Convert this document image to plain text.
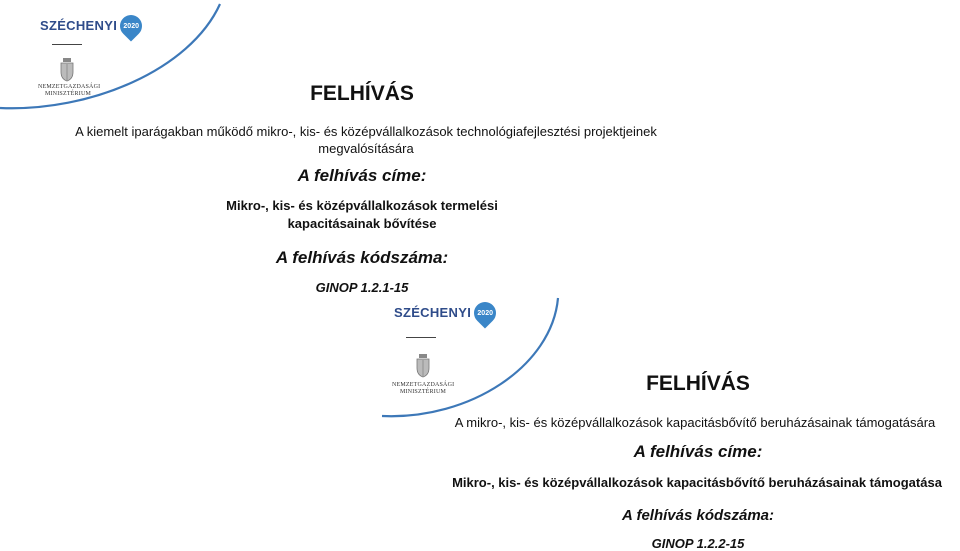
SZÉCHENYI 2020
NEMZETGAZDASÁGI
MINISZTÉRIUM	FELHÍVÁS
A kiemelt iparágakban működő mikro-, kis- és középvállalkozások technológiafejlesztési projektjeinek
megvalósítására
A felhívás címe:
Mikro-, kis- és középvállalkozások termelési
kapacitásainak bővítése
A felhívás kódszáma:
GINOP 1.2.1-15
SZÉCHENYI 2020
NEMZETGAZDASÁGI
MINISZTÉRIUM	FELHÍVÁS
A mikro-, kis- és középvállalkozások kapacitásbővítő beruházásainak támogatására
A felhívás címe:
Mikro-, kis- és középvállalkozások kapacitásbővítő beruházásainak támogatása
A felhívás kódszáma:
GINOP 1.2.2-15
